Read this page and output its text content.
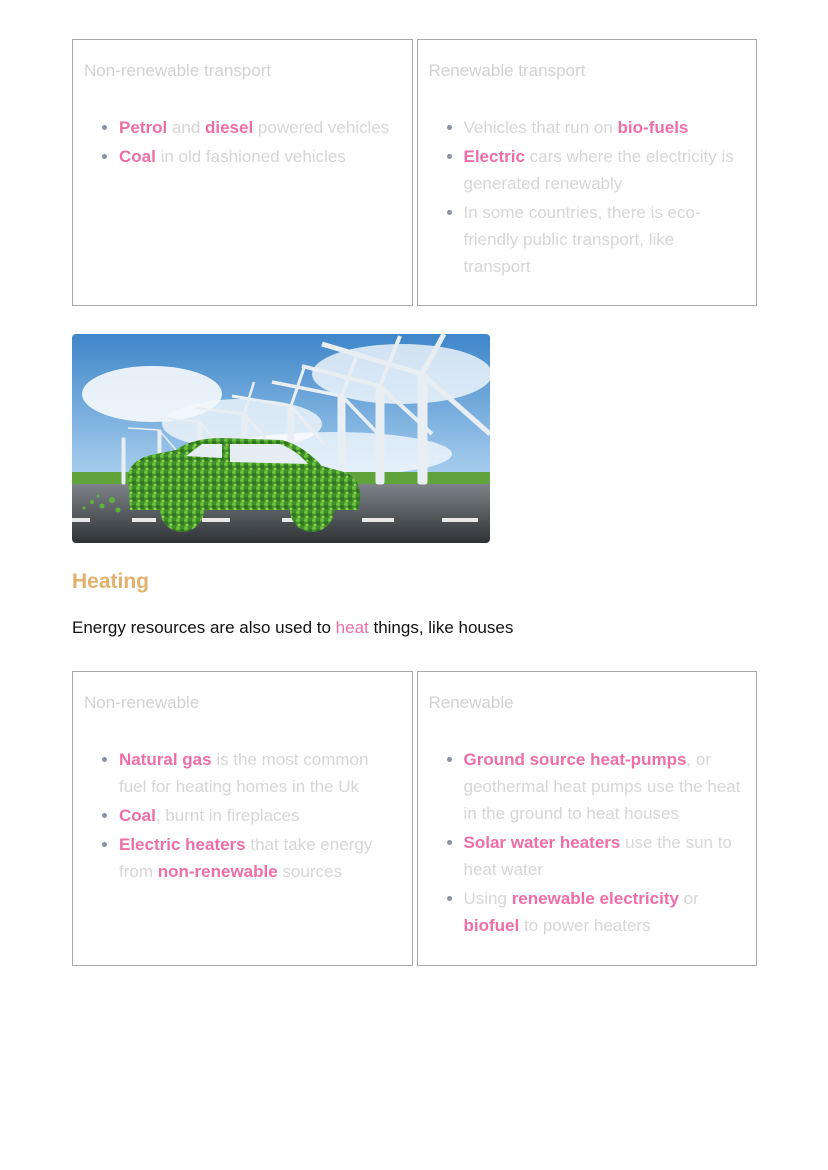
Non-renewable transport

• Petrol and diesel powered vehicles
• Coal in old fashioned vehicles

Renewable transport

• Vehicles that run on bio-fuels
• Electric cars where the electricity is generated renewably
• In some countries, there is eco-friendly public transport, like transport
Heating

Energy resources are also used to heat things, like houses

Non-renewable

• Natural gas is the most common fuel for heating homes in the Uk
• Coal, burnt in fireplaces
• Electric heaters that take energy from non-renewable sources

Renewable

• Ground source heat-pumps, or geothermal heat pumps use the heat in the ground to heat houses
• Solar water heaters use the sun to heat water
• Using renewable electricity or biofuel to power heaters
